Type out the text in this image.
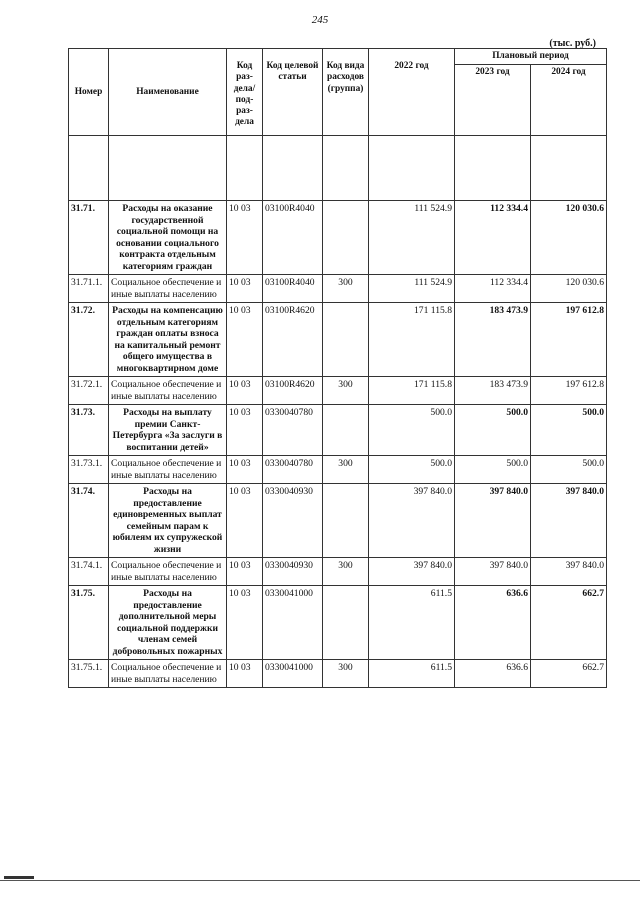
245
(тыс. руб.)
Номер	Наименование	Код раз-дела/ под-раз-дела	Код целевой статьи	Код вида расходов (группа)	2022 год	Плановый период	
						2023 год	2024 год

31.71.	Расходы на оказание государственной социальной помощи на основании социального контракта отдельным категориям граждан	10 03	03100R4040		111 524.9	112 334.4	120 030.6
31.71.1.	Социальное обеспечение и иные выплаты населению	10 03	03100R4040	300	111 524.9	112 334.4	120 030.6
31.72.	Расходы на компенсацию отдельным категориям граждан оплаты взноса на капитальный ремонт общего имущества в многоквартирном доме	10 03	03100R4620		171 115.8	183 473.9	197 612.8
31.72.1.	Социальное обеспечение и иные выплаты населению	10 03	03100R4620	300	171 115.8	183 473.9	197 612.8
31.73.	Расходы на выплату премии Санкт-Петербурга «За заслуги в воспитании детей»	10 03	0330040780		500.0	500.0	500.0
31.73.1.	Социальное обеспечение и иные выплаты населению	10 03	0330040780	300	500.0	500.0	500.0
31.74.	Расходы на предоставление единовременных выплат семейным парам к юбилеям их супружеской жизни	10 03	0330040930		397 840.0	397 840.0	397 840.0
31.74.1.	Социальное обеспечение и иные выплаты населению	10 03	0330040930	300	397 840.0	397 840.0	397 840.0
31.75.	Расходы на предоставление дополнительной меры социальной поддержки членам семей добровольных пожарных	10 03	0330041000		611.5	636.6	662.7
31.75.1.	Социальное обеспечение и иные выплаты населению	10 03	0330041000	300	611.5	636.6	662.7
